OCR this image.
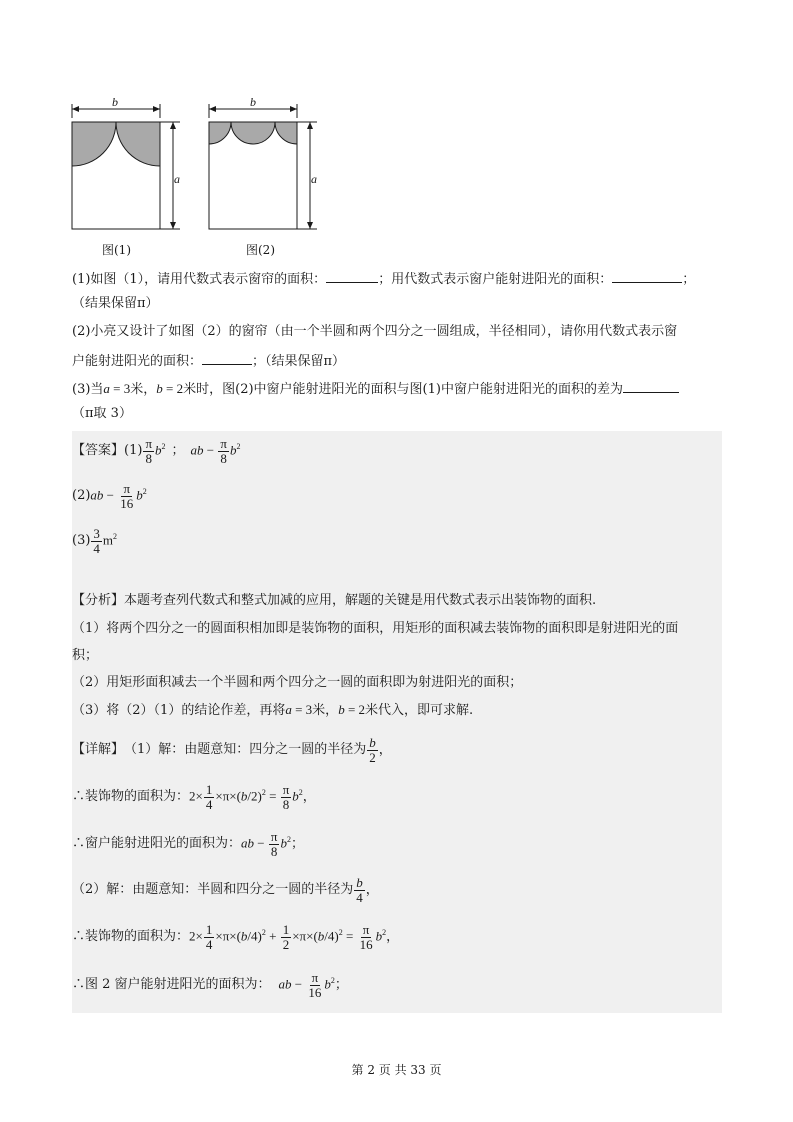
b
a
图(1)
b
a
图(2)
(1)如图（1），请用代数式表示窗帘的面积：	；用代数式表示窗户能射进阳光的面积：	；
（结果保留π）
(2)小亮又设计了如图（2）的窗帘（由一个半圆和两个四分之一圆组成，半径相同），请你用代数式表示窗
户能射进阳光的面积：	；（结果保留π）
(3)当a = 3米，b = 2米时，图(2)中窗户能射进阳光的面积与图(1)中窗户能射进阳光的面积的差为
（π取 3）
【答案】 $(1) \frac{\pi}{8} b^2$ ； ab − $\frac{\pi}{8} b^2$
(2) ab − $\frac{\pi}{16} b^2$
$(3) \frac{3}{4} m^2$
【分析】本题考查列代数式和整式加减的应用，解题的关键是用代数式表示出装饰物的面积.
（1）将两个四分之一的圆面积相加即是装饰物的面积，用矩形的面积减去装饰物的面积即是射进阳光的面
积；
（2）用矩形面积减去一个半圆和两个四分之一圆的面积即为射进阳光的面积；
（3）将（2）（1）的结论作差，再将a = 3米，b = 2米代入，即可求解.
【详解】 （1）解：由题意知：四分之一圆的半径为 $\frac{b}{2}$ ，
∴装饰物的面积为： $2\times \frac{1}{4} \times\pi\times(b/2)^2 = \frac{\pi}{8} b^2$，
∴窗户能射进阳光的面积为： ab − $\frac{\pi}{8} b^2$；
（2）解：由题意知：半圆和四分之一圆的半径为 $\frac{b}{4}$ ，
∴装饰物的面积为： $2\times \frac{1}{4} \times\pi\times(b/4)^2 + \frac{1}{2} \times\pi\times(b/4)^2 = \frac{\pi}{16} b^2$，
∴图 2 窗户能射进阳光的面积为： ab − $\frac{\pi}{16} b^2$；
第 2 页 共 33 页
